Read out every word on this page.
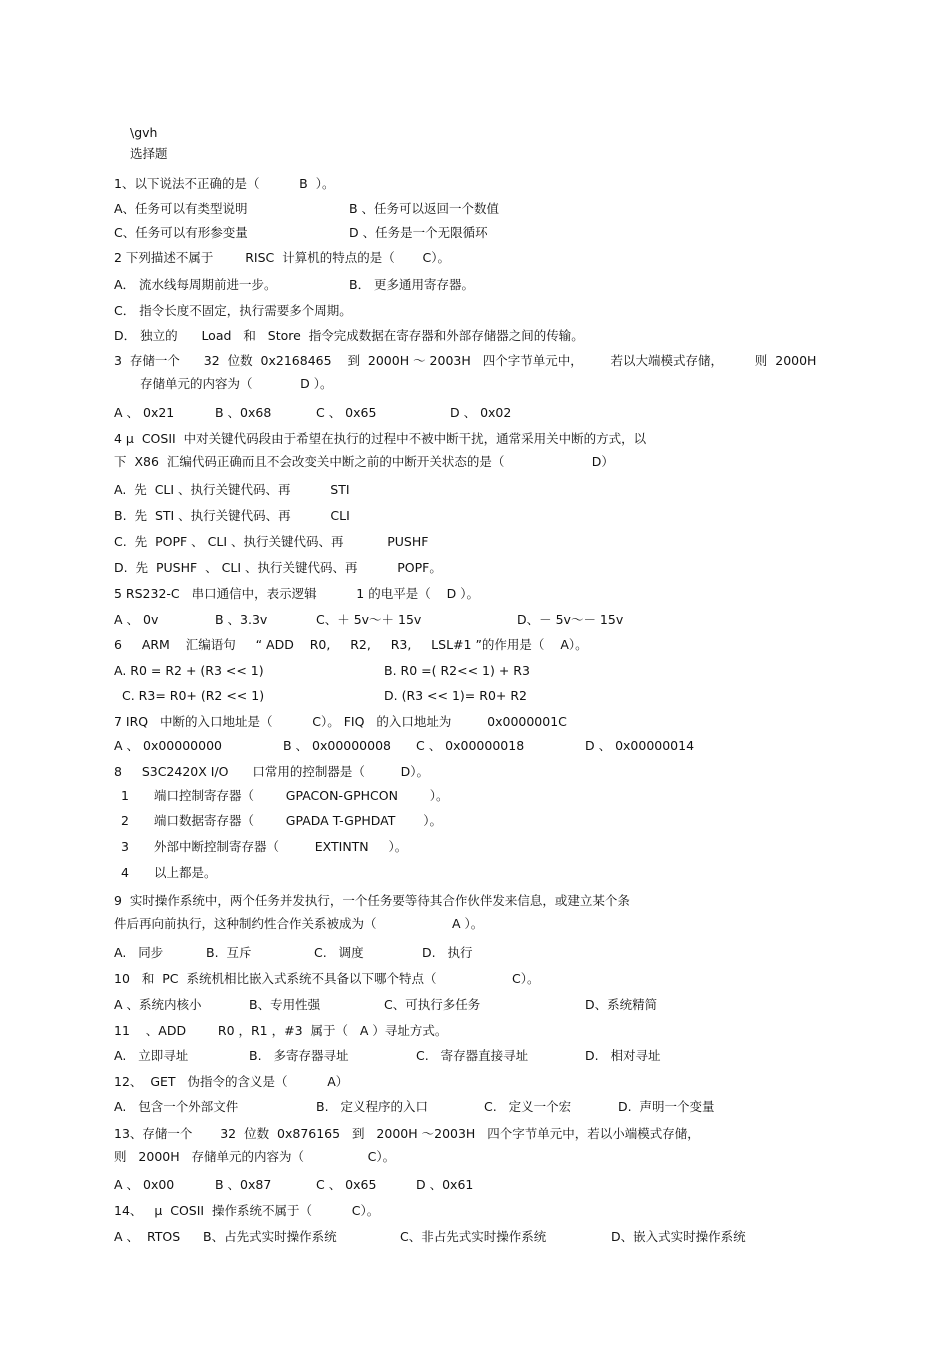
\gvh
选择题
1、以下说法不正确的是（          B  ）。
A、任务可以有类型说明	B 、任务可以返回一个数值
C、任务可以有形参变量	D 、任务是一个无限循环
2 下列描述不属于        RISC  计算机的特点的是（       C）。
A． 流水线每周期前进一步。	B． 更多通用寄存器。
C． 指令长度不固定，执行需要多个周期。
D． 独立的      Load   和   Store  指令完成数据在寄存器和外部存储器之间的传输。
3  存储一个      32  位数  0x2168465    到  2000H ～ 2003H   四个字节单元中，       若以大端模式存储，        则  2000H
存储单元的内容为（            D ）。
A 、 0x21	B 、0x68	C 、 0x65	D 、 0x02
4 μ  COSII  中对关键代码段由于希望在执行的过程中不被中断干扰，通常采用关中断的方式，以
下  X86  汇编代码正确而且不会改变关中断之前的中断开关状态的是（                      D）
A.  先  CLI 、执行关键代码、再          STI
B.  先  STI 、执行关键代码、再          CLI
C.  先  POPF 、 CLI 、执行关键代码、再           PUSHF
D.  先  PUSHF  、 CLI 、执行关键代码、再          POPF。
5 RS232-C   串口通信中，表示逻辑          1 的电平是（    D ）。
A 、 0v	B 、3.3v	C、＋ 5v～＋ 15v	D、－ 5v～－ 15v
6     ARM    汇编语句     “ ADD    R0,     R2,     R3,     LSL#1 ”的作用是（    A）。
A. R0 = R2 + (R3 << 1)	B. R0 =( R2<< 1) + R3
C. R3= R0+ (R2 << 1)	D. (R3 << 1)= R0+ R2
7 IRQ   中断的入口地址是（          C）。 FIQ   的入口地址为         0x0000001C
A 、 0x00000000	B 、 0x00000008 C 、 0x00000018	D 、 0x00000014
8     S3C2420X I/O      口常用的控制器是（         D）。
1 端口控制寄存器（        GPACON-GPHCON        ）。
2 端口数据寄存器（        GPADA T-GPHDAT       ）。
3 外部中断控制寄存器（         EXTINTN     ）。
4 以上都是。
9  实时操作系统中，两个任务并发执行，一个任务要等待其合作伙伴发来信息，或建立某个条
件后再向前执行，这种制约性合作关系被成为（                   A ）。
A.   同步	B.  互斥	C.   调度	D.   执行
10   和  PC  系统机相比嵌入式系统不具备以下哪个特点（                   C）。
A 、系统内核小	B、专用性强	C、可执行多任务	D、系统精简
11    、ADD        R0 ，R1 ，#3  属于（   A ）寻址方式。
A.   立即寻址	B.   多寄存器寻址	C.   寄存器直接寻址	D.   相对寻址
12、  GET   伪指令的含义是（          A）
A.   包含一个外部文件	B.   定义程序的入口	C.   定义一个宏	D.  声明一个变量
13、存储一个       32  位数  0x876165   到   2000H ～2003H   四个字节单元中，若以小端模式存储，
则   2000H   存储单元的内容为（                C）。
A 、 0x00	B 、0x87	C 、 0x65	D 、0x61
14、   μ  COSII  操作系统不属于（          C）。
A 、  RTOS B、占先式实时操作系统	C、非占先式实时操作系统	D、嵌入式实时操作系统
